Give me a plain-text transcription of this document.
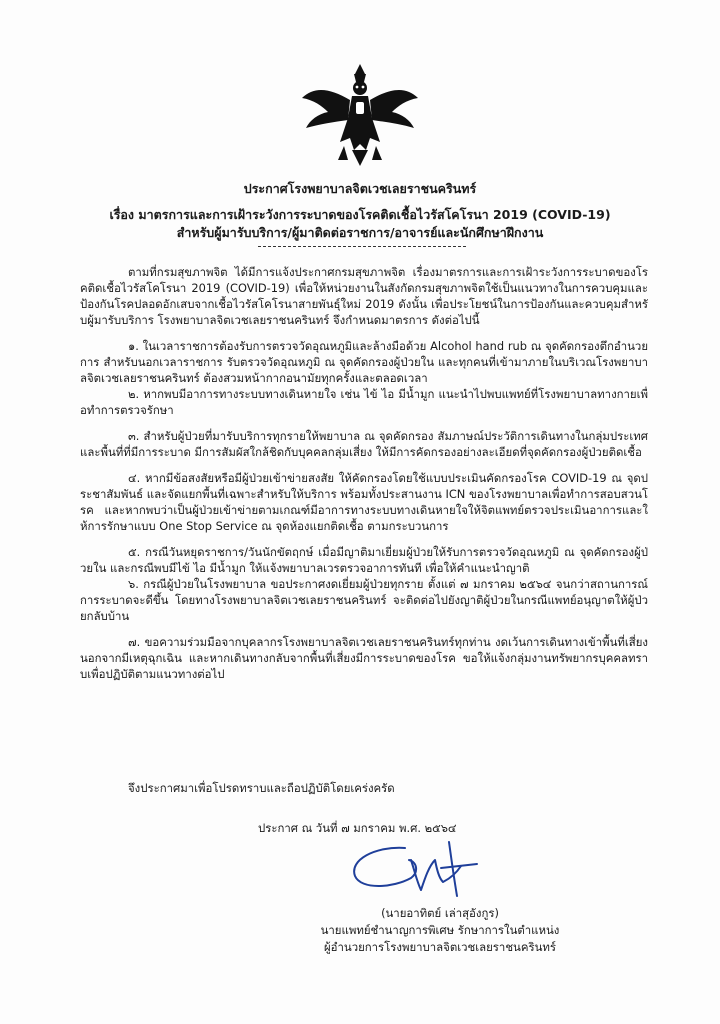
ประกาศโรงพยาบาลจิตเวชเลยราชนครินทร์
เรื่อง มาตรการและการเฝ้าระวังการระบาดของโรคติดเชื้อไวรัสโคโรนา 2019 (COVID-19)
สำหรับผู้มารับบริการ/ผู้มาติดต่อราชการ/อาจารย์และนักศึกษาฝึกงาน

ตามที่กรมสุขภาพจิต ได้มีการแจ้งประกาศกรมสุขภาพจิต เรื่องมาตรการและการเฝ้าระวังการระบาดของโรคติดเชื้อไวรัสโคโรนา 2019 (COVID-19) เพื่อให้หน่วยงานในสังกัดกรมสุขภาพจิตใช้เป็นแนวทางในการควบคุมและป้องกันโรคปลอดอักเสบจากเชื้อไวรัสโคโรนาสายพันธุ์ใหม่ 2019 ดังนั้น เพื่อประโยชน์ในการป้องกันและควบคุมสำหรับผู้มารับบริการ โรงพยาบาลจิตเวชเลยราชนครินทร์ จึงกำหนดมาตรการ ดังต่อไปนี้

๑. ในเวลาราชการต้องรับการตรวจวัดอุณหภูมิและล้างมือด้วย Alcohol hand rub ณ จุดคัดกรองตึกอำนวยการ สำหรับนอกเวลาราชการ รับตรวจวัดอุณหภูมิ ณ จุดคัดกรองผู้ป่วยใน และทุกคนที่เข้ามาภายในบริเวณโรงพยาบาลจิตเวชเลยราชนครินทร์ ต้องสวมหน้ากากอนามัยทุกครั้งและตลอดเวลา

๒. หากพบมีอาการทางระบบทางเดินหายใจ เช่น ไข้ ไอ มีน้ำมูก แนะนำไปพบแพทย์ที่โรงพยาบาลทางกายเพื่อทำการตรวจรักษา

๓. สำหรับผู้ป่วยที่มารับบริการทุกรายให้พยาบาล ณ จุดคัดกรอง สัมภาษณ์ประวัติการเดินทางในกลุ่มประเทศและพื้นที่ที่มีการระบาด มีการสัมผัสใกล้ชิดกับบุคคลกลุ่มเสี่ยง ให้มีการคัดกรองอย่างละเอียดที่จุดคัดกรองผู้ป่วยติดเชื้อ

๔. หากมีข้อสงสัยหรือมีผู้ป่วยเข้าข่ายสงสัย ให้คัดกรองโดยใช้แบบประเมินคัดกรองโรค COVID-19 ณ จุดประชาสัมพันธ์ และจัดแยกพื้นที่เฉพาะสำหรับให้บริการ พร้อมทั้งประสานงาน ICN ของโรงพยาบาลเพื่อทำการสอบสวนโรค และหากพบว่าเป็นผู้ป่วยเข้าข่ายตามเกณฑ์มีอาการทางระบบทางเดินหายใจให้จิตแพทย์ตรวจประเมินอาการและให้การรักษาแบบ One Stop Service ณ จุดห้องแยกติดเชื้อ ตามกระบวนการ

๕. กรณีวันหยุดราชการ/วันนักขัตฤกษ์ เมื่อมีญาติมาเยี่ยมผู้ป่วยให้รับการตรวจวัดอุณหภูมิ ณ จุดคัดกรองผู้ป่วยใน และกรณีพบมีไข้ ไอ มีน้ำมูก ให้แจ้งพยาบาลเวรตรวจอาการทันที เพื่อให้คำแนะนำญาติ

๖. กรณีผู้ป่วยในโรงพยาบาล ขอประกาศงดเยี่ยมผู้ป่วยทุกราย ตั้งแต่ ๗ มกราคม ๒๕๖๔ จนกว่าสถานการณ์การระบาดจะดีขึ้น โดยทางโรงพยาบาลจิตเวชเลยราชนครินทร์ จะติดต่อไปยังญาติผู้ป่วยในกรณีแพทย์อนุญาตให้ผู้ป่วยกลับบ้าน

๗. ขอความร่วมมือจากบุคลากรโรงพยาบาลจิตเวชเลยราชนครินทร์ทุกท่าน งดเว้นการเดินทางเข้าพื้นที่เสี่ยง นอกจากมีเหตุฉุกเฉิน และหากเดินทางกลับจากพื้นที่เสี่ยงมีการระบาดของโรค ขอให้แจ้งกลุ่มงานทรัพยากรบุคคลทราบเพื่อปฏิบัติตามแนวทางต่อไป

จึงประกาศมาเพื่อโปรดทราบและถือปฏิบัติโดยเคร่งครัด
ประกาศ ณ วันที่ ๗ มกราคม พ.ศ. ๒๕๖๔
(นายอาทิตย์ เล่าสุอังกูร)
นายแพทย์ชำนาญการพิเศษ รักษาการในตำแหน่ง
ผู้อำนวยการโรงพยาบาลจิตเวชเลยราชนครินทร์
